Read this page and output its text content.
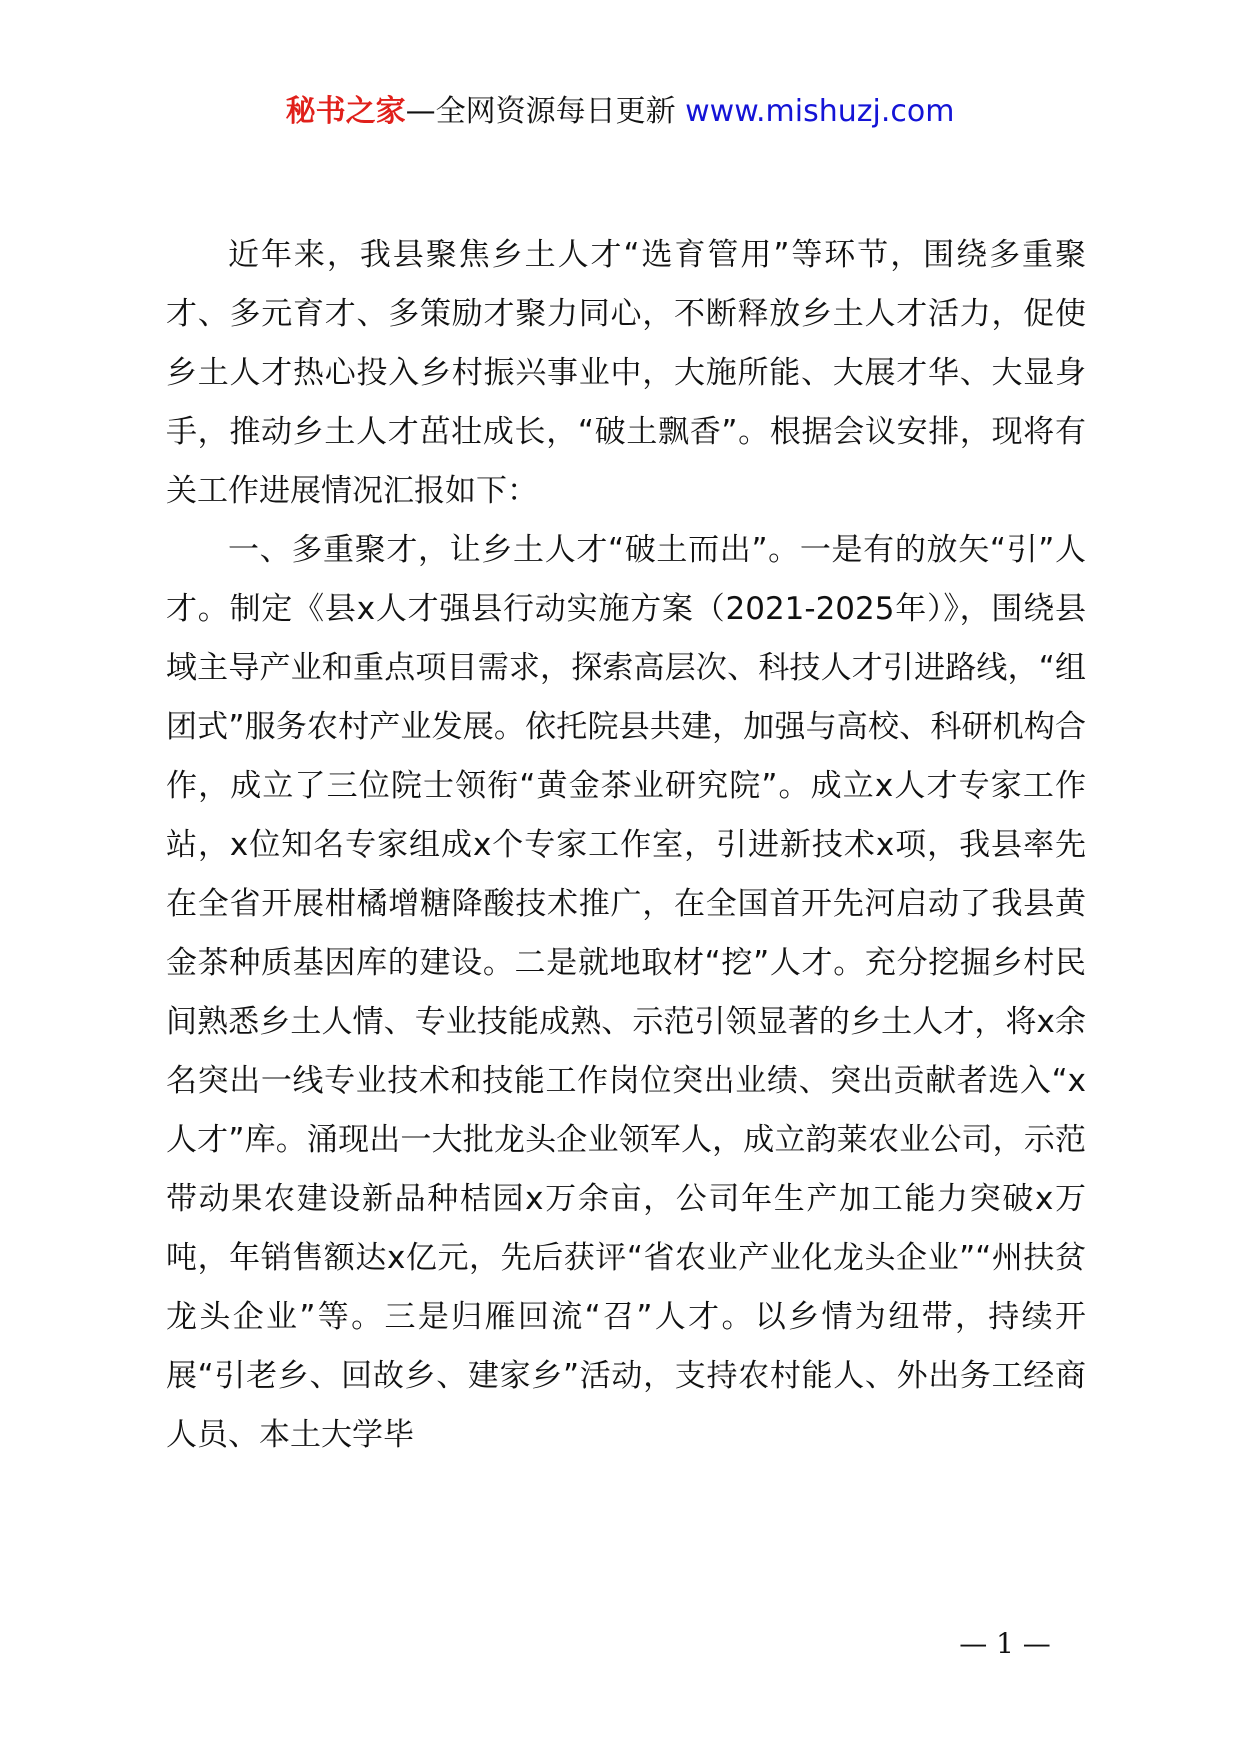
秘书之家—全网资源每日更新 www.mishuzj.com

近年来，我县聚焦乡土人才“选育管用”等环节，围绕多重聚才、多元育才、多策励才聚力同心，不断释放乡土人才活力，促使乡土人才热心投入乡村振兴事业中，大施所能、大展才华、大显身手，推动乡土人才茁壮成长，“破土飘香”。根据会议安排，现将有关工作进展情况汇报如下：

一、多重聚才，让乡土人才“破土而出”。一是有的放矢“引”人才。制定《县x人才强县行动实施方案（2021-2025年）》，围绕县域主导产业和重点项目需求，探索高层次、科技人才引进路线，“组团式”服务农村产业发展。依托院县共建，加强与高校、科研机构合作，成立了三位院士领衔“黄金茶业研究院”。成立x人才专家工作站，x位知名专家组成x个专家工作室，引进新技术x项，我县率先在全省开展柑橘增糖降酸技术推广，在全国首开先河启动了我县黄金茶种质基因库的建设。二是就地取材“挖”人才。充分挖掘乡村民间熟悉乡土人情、专业技能成熟、示范引领显著的乡土人才，将x余名突出一线专业技术和技能工作岗位突出业绩、突出贡献者选入“x人才”库。涌现出一大批龙头企业领军人，成立韵莱农业公司，示范带动果农建设新品种桔园x万余亩，公司年生产加工能力突破x万吨，年销售额达x亿元，先后获评“省农业产业化龙头企业”“州扶贫龙头企业”等。三是归雁回流“召”人才。以乡情为纽带，持续开展“引老乡、回故乡、建家乡”活动，支持农村能人、外出务工经商人员、本土大学毕

— 1 —
